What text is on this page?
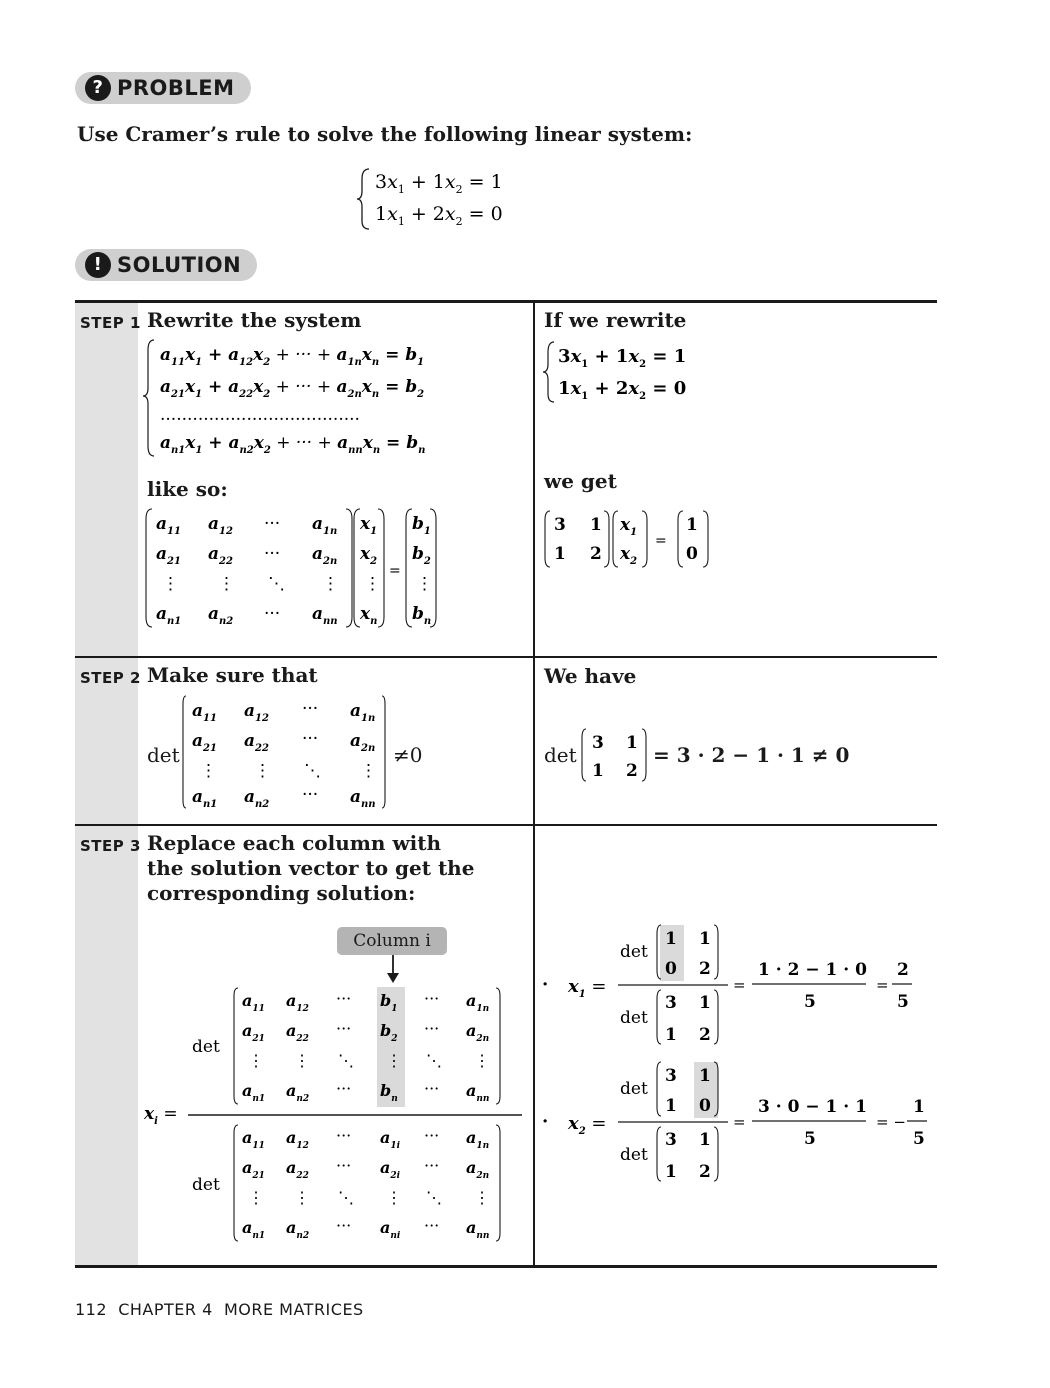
? PROBLEM
Use Cramer’s rule to solve the following linear system:
$3x_1 + 1x_2 = 1$
$1x_1 + 2x_2 = 0$
! SOLUTION
STEP 1 Rewrite the system
$a_{11}x_1 + a_{12}x_2$ + ··· + $a_{1n}x_n = b_1$
$a_{21}x_1 + a_{22}x_2$ + ··· + $a_{2n}x_n = b_2$
.....................................
$a_{n1}x_1 + a_{n2}x_2$ + ··· + $a_{nn}x_n = b_n$
like so:
$a_{11}$ $a_{12}$ ··· $a_{1n}$
$a_{21}$ $a_{22}$ ··· $a_{2n}$
⋮ ⋮ ⋱ ⋮
$a_{n1}$ $a_{n2}$ ··· $a_{nn}$
$x_1$
$x_2$
⋮
$x_n$
=
$b_1$
$b_2$
⋮
$b_n$
If we rewrite
$3x_1 + 1x_2 = 1$
$1x_1 + 2x_2 = 0$
we get
3 1
1 2
$x_1$
$x_2$
=
1
0
STEP 2 Make sure that
det
$a_{11}$ $a_{12}$ ··· $a_{1n}$
$a_{21}$ $a_{22}$ ··· $a_{2n}$
⋮ ⋮ ⋱ ⋮
$a_{n1}$ $a_{n2}$ ··· $a_{nn}$
≠0
We have
det 3 1
1 2
= 3 · 2 − 1 · 1 ≠ 0
STEP 3 Replace each column with
the solution vector to get the
corresponding solution:
Column i
$x_i$ =
det
det
$a_{11}$ $a_{12}$
··· $b_1$
··· $a_{1n}$
$a_{21}$ $a_{22}$
··· $b_2$
··· $a_{2n}$
⋮ ⋮ ⋱ ⋮ ⋱ ⋮
$a_{n1}$ $a_{n2}$
··· $b_n$
··· $a_{nn}$
$a_{11}$ $a_{12}$
··· $a_{1i}$
··· $a_{1n}$
$a_{21}$ $a_{22}$
··· $a_{2i}$
··· $a_{2n}$
⋮ ⋮ ⋱ ⋮ ⋱ ⋮
$a_{n1}$ $a_{n2}$
··· $a_{ni}$
··· $a_{nn}$
· $x_1$ =
det
det
1 1
0 2
3 1
1 2
=
1 · 2 − 1 · 0
5
=
2
5
· $x_2$ =
det
det
3 1
1 0
3 1
1 2
=
3 · 0 − 1 · 1
5
= −
1
5
112  CHAPTER 4  MORE MATRICES
